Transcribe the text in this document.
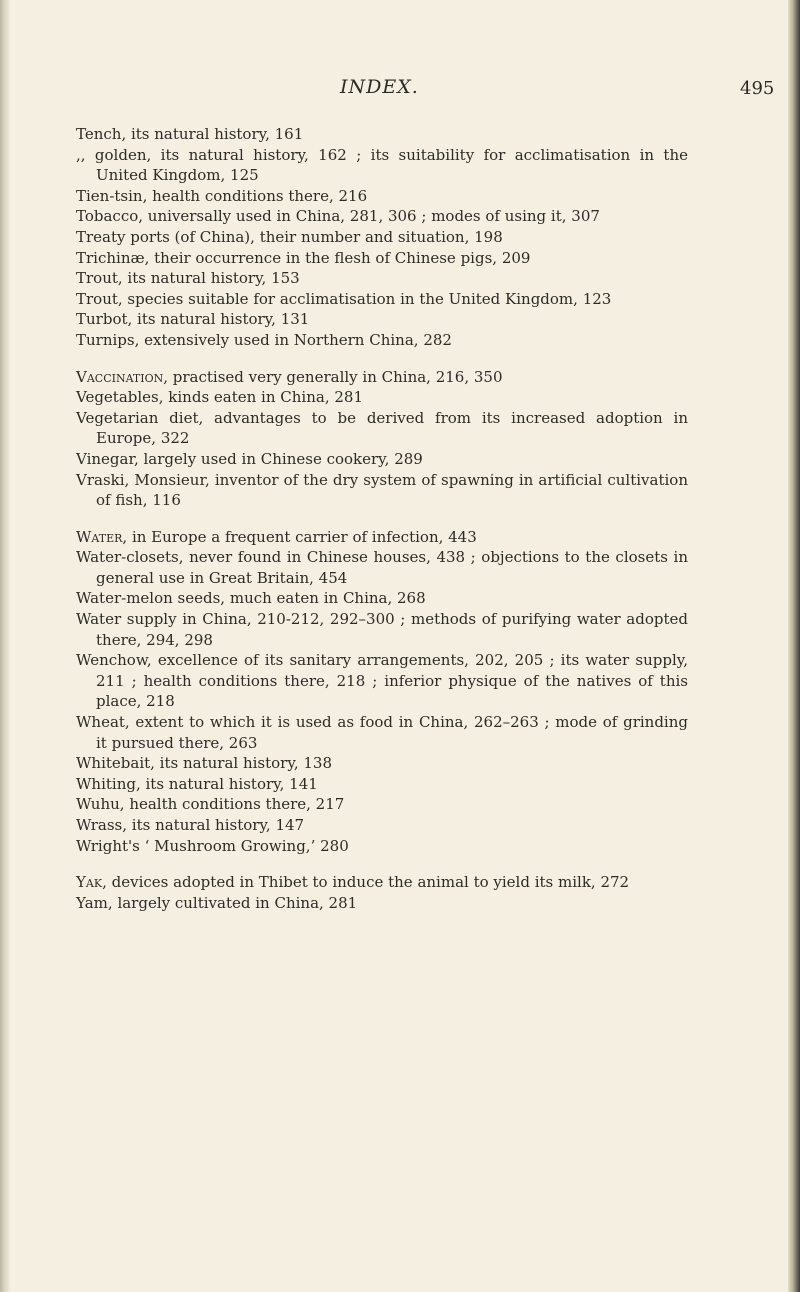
INDEX.	495

Tench, its natural history, 161

,, golden, its natural history, 162 ; its suitability for acclimatisation in the United Kingdom, 125

Tien-tsin, health conditions there, 216

Tobacco, universally used in China, 281, 306 ; modes of using it, 307

Treaty ports (of China), their number and situation, 198

Trichinæ, their occurrence in the flesh of Chinese pigs, 209

Trout, its natural history, 153

Trout, species suitable for acclimatisation in the United Kingdom, 123

Turbot, its natural history, 131

Turnips, extensively used in Northern China, 282

Vaccination, practised very generally in China, 216, 350

Vegetables, kinds eaten in China, 281

Vegetarian diet, advantages to be derived from its increased adoption in Europe, 322

Vinegar, largely used in Chinese cookery, 289

Vraski, Monsieur, inventor of the dry system of spawning in artificial cultivation of fish, 116

Water, in Europe a frequent carrier of infection, 443

Water-closets, never found in Chinese houses, 438 ; objections to the closets in general use in Great Britain, 454

Water-melon seeds, much eaten in China, 268

Water supply in China, 210-212, 292–300 ; methods of purifying water adopted there, 294, 298

Wenchow, excellence of its sanitary arrangements, 202, 205 ; its water supply, 211 ; health conditions there, 218 ; inferior physique of the natives of this place, 218

Wheat, extent to which it is used as food in China, 262–263 ; mode of grinding it pursued there, 263

Whitebait, its natural history, 138

Whiting, its natural history, 141

Wuhu, health conditions there, 217

Wrass, its natural history, 147

Wright's ‘ Mushroom Growing,’ 280

Yak, devices adopted in Thibet to induce the animal to yield its milk, 272

Yam, largely cultivated in China, 281
